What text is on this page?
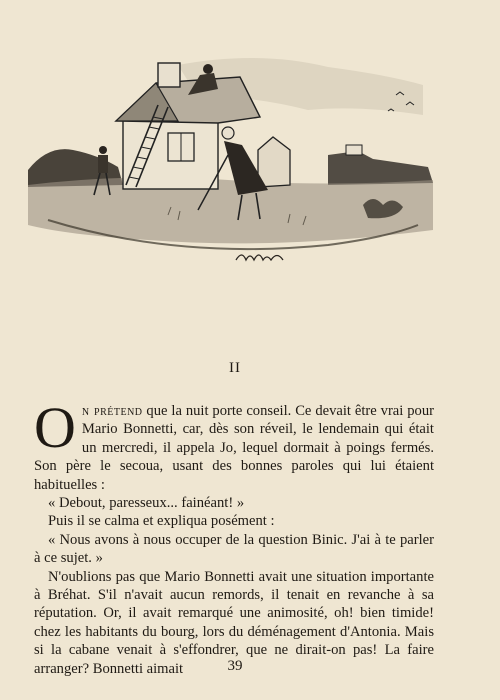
II

On prétend que la nuit porte conseil. Ce devait être vrai pour Mario Bonnetti, car, dès son réveil, le lendemain qui était un mercredi, il appela Jo, lequel dormait à poings fermés. Son père le secoua, usant des bonnes paroles qui lui étaient habituelles :

« Debout, paresseux... fainéant! »

Puis il se calma et expliqua posément :

« Nous avons à nous occuper de la question Binic. J'ai à te parler à ce sujet. »

N'oublions pas que Mario Bonnetti avait une situation importante à Bréhat. S'il n'avait aucun remords, il tenait en revanche à sa réputation. Or, il avait remarqué une animosité, oh! bien timide! chez les habitants du bourg, lors du déménagement d'Antonia. Mais si la cabane venait à s'effondrer, que ne dirait-on pas! La faire arranger? Bonnetti aimait	39
